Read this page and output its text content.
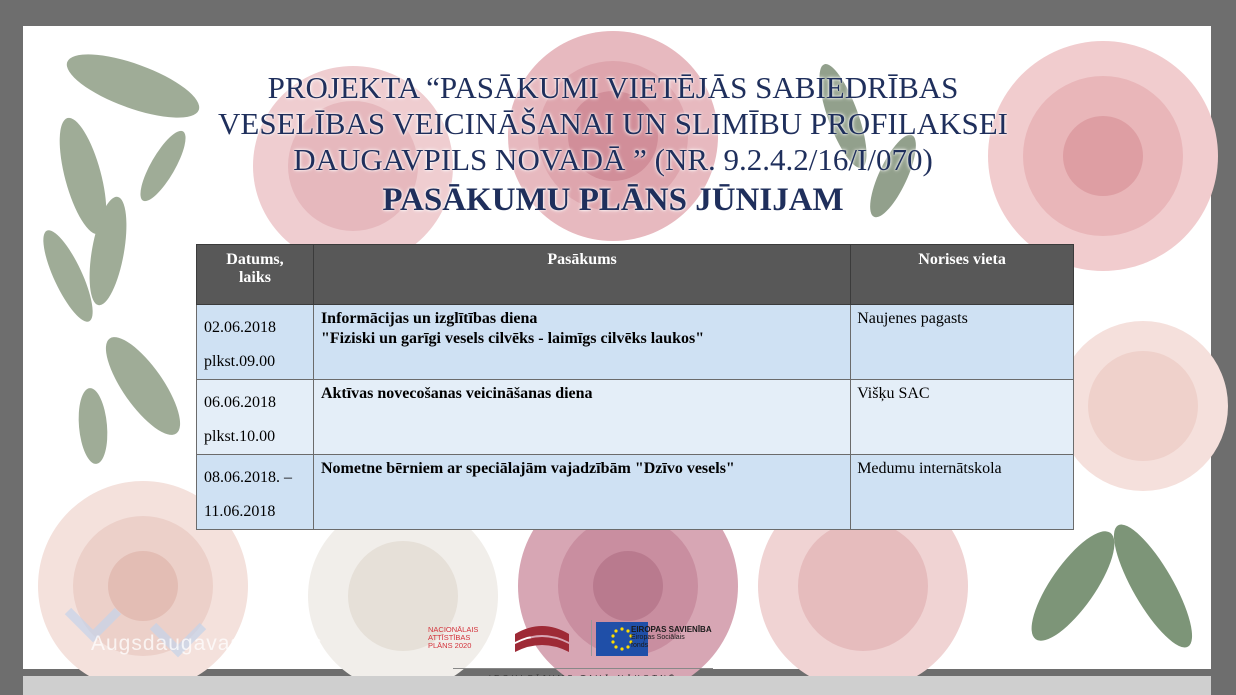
PROJEKTA “PASĀKUMI VIETĒJĀS SABIEDRĪBAS
VESELĪBAS VEICINĀŠANAI UN SLIMĪBU PROFILAKSEI
DAUGAVPILS NOVADĀ ” (NR. 9.2.4.2/16/I/070)
PASĀKUMU PLĀNS JŪNIJAM
Datums,
laiks	Pasākums	Norises vieta

02.06.2018
plkst.09.00	Informācijas un izglītības diena
"Fiziski un garīgi vesels cilvēks - laimīgs cilvēks laukos"	Naujenes pagasts

06.06.2018
plkst.10.00	Aktīvas novecošanas veicināšanas diena	Višķu SAC

08.06.2018. –
11.06.2018	Nometne bērniem ar speciālajām vajadzībām "Dzīvo vesels"	Medumu internātskola
Augsdaugavas novads
NACIONĀLAIS
ATTĪSTĪBAS
PLĀNS 2020
EIROPAS SAVIENĪBA
Eiropas Sociālais
fonds
